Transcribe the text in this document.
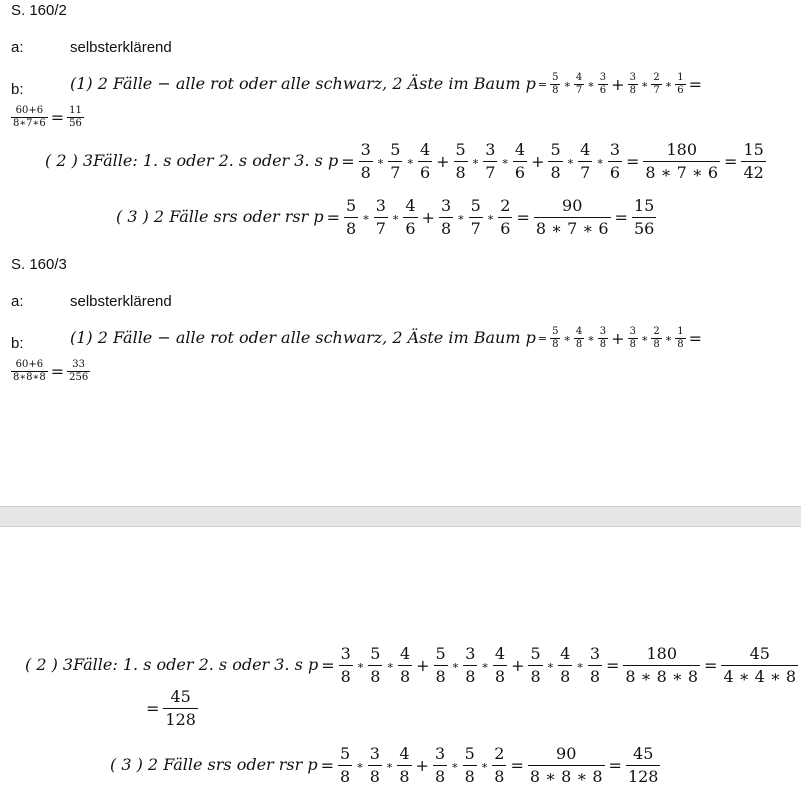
S. 160/2
a:	selbsterklärend
b:	(1) 2 Fälle − alle rot oder alle schwarz, 2 Äste im Baum $p = \frac{5}{8}$ ∗ $\frac{4}{7}$ ∗ $\frac{3}{6} + \frac{3}{8}$ ∗ $\frac{2}{7}$ ∗ $\frac{1}{6}$ =
$\frac{60+6}{8∗7∗6} = \frac{11}{56}$
( 2 ) 3Fälle: 1. s oder 2. s oder 3. s $p = \frac{3}{8}$ ∗ $\frac{5}{7}$ ∗ $\frac{4}{6} + \frac{5}{8}$ ∗ $\frac{3}{7}$ ∗ $\frac{4}{6} + \frac{5}{8}$ ∗ $\frac{4}{7}$ ∗ $\frac{3}{6} = \frac{180}{8 ∗ 7 ∗ 6} = \frac{15}{42}$
( 3 ) 2 Fälle srs oder rsr $p = \frac{5}{8}$ ∗ $\frac{3}{7}$ ∗ $\frac{4}{6} + \frac{3}{8}$ ∗ $\frac{5}{7}$ ∗ $\frac{2}{6} = \frac{90}{8 ∗ 7 ∗ 6} = \frac{15}{56}$
S. 160/3
a:	selbsterklärend
b:	(1) 2 Fälle − alle rot oder alle schwarz, 2 Äste im Baum $p = \frac{5}{8}$ ∗ $\frac{4}{8}$ ∗ $\frac{3}{8} + \frac{3}{8}$ ∗ $\frac{2}{8}$ ∗ $\frac{1}{8}$ =
$\frac{60+6}{8∗8∗8} = \frac{33}{256}$
( 2 ) 3Fälle: 1. s oder 2. s oder 3. s $p = \frac{3}{8}$ ∗ $\frac{5}{8}$ ∗ $\frac{4}{8} + \frac{5}{8}$ ∗ $\frac{3}{8}$ ∗ $\frac{4}{8} + \frac{5}{8}$ ∗ $\frac{4}{8}$ ∗ $\frac{3}{8} = \frac{180}{8 ∗ 8 ∗ 8} = \frac{45}{4 ∗ 4 ∗ 8}$
= $\frac{45}{128}$
( 3 ) 2 Fälle srs oder rsr $p = \frac{5}{8}$ ∗ $\frac{3}{8}$ ∗ $\frac{4}{8} + \frac{3}{8}$ ∗ $\frac{5}{8}$ ∗ $\frac{2}{8} = \frac{90}{8 ∗ 8 ∗ 8} = \frac{45}{128}$
